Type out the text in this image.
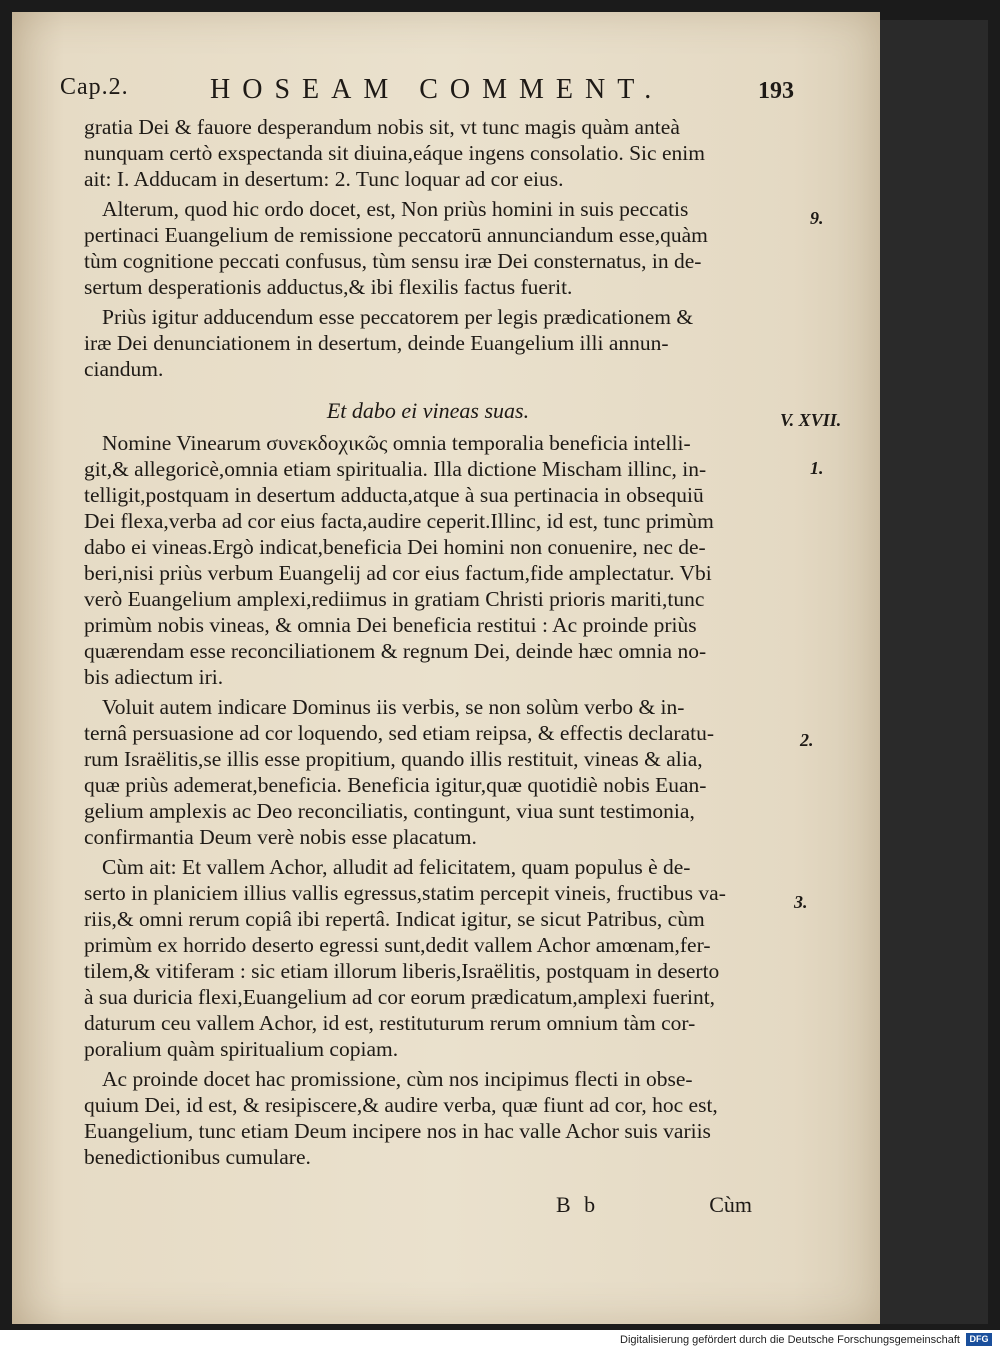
Cap.2.	HOSEAM COMMENT.	193

gratia Dei & fauore desperandum nobis sit, vt tunc magis quàm anteà
nunquam certò exspectanda sit diuina,eáque ingens consolatio. Sic enim
ait: I. Adducam in desertum: 2. Tunc loquar ad cor eius.

Alterum, quod hic ordo docet, est, Non priùs homini in suis peccatis
pertinaci Euangelium de remissione peccatorū annunciandum esse,quàm
tùm cognitione peccati confusus, tùm sensu iræ Dei consternatus, in de-
sertum desperationis adductus,& ibi flexilis factus fuerit.

Priùs igitur adducendum esse peccatorem per legis prædicationem &
iræ Dei denunciationem in desertum, deinde Euangelium illi annun-
ciandum.

Et dabo ei vineas suas.

Nomine Vinearum συνεκδοχικῶς omnia temporalia beneficia intelli-
git,& allegoricè,omnia etiam spiritualia. Illa dictione Mischam illinc, in-
telligit,postquam in desertum adducta,atque à sua pertinacia in obsequiū
Dei flexa,verba ad cor eius facta,audire ceperit.Illinc, id est, tunc primùm
dabo ei vineas.Ergò indicat,beneficia Dei homini non conuenire, nec de-
beri,nisi priùs verbum Euangelij ad cor eius factum,fide amplectatur. Vbi
verò Euangelium amplexi,rediimus in gratiam Christi prioris mariti,tunc
primùm nobis vineas, & omnia Dei beneficia restitui : Ac proinde priùs
quærendam esse reconciliationem & regnum Dei, deinde hæc omnia no-
bis adiectum iri.

Voluit autem indicare Dominus iis verbis, se non solùm verbo & in-
ternâ persuasione ad cor loquendo, sed etiam reipsa, & effectis declaratu-
rum Israëlitis,se illis esse propitium, quando illis restituit, vineas & alia,
quæ priùs ademerat,beneficia. Beneficia igitur,quæ quotidiè nobis Euan-
gelium amplexis ac Deo reconciliatis, contingunt, viua sunt testimonia,
confirmantia Deum verè nobis esse placatum.

Cùm ait: Et vallem Achor, alludit ad felicitatem, quam populus è de-
serto in planiciem illius vallis egressus,statim percepit vineis, fructibus va-
riis,& omni rerum copiâ ibi repertâ. Indicat igitur, se sicut Patribus, cùm
primùm ex horrido deserto egressi sunt,dedit vallem Achor amœnam,fer-
tilem,& vitiferam : sic etiam illorum liberis,Israëlitis, postquam in deserto
à sua duricia flexi,Euangelium ad cor eorum prædicatum,amplexi fuerint,
daturum ceu vallem Achor, id est, restituturum rerum omnium tàm cor-
poralium quàm spiritualium copiam.

Ac proinde docet hac promissione, cùm nos incipimus flecti in obse-
quium Dei, id est, & resipiscere,& audire verba, quæ fiunt ad cor, hoc est,
Euangelium, tunc etiam Deum incipere nos in hac valle Achor suis variis
benedictionibus cumulare.

9.
V. XVII.
1.
2.
3.
B b	Cùm
Digitalisierung gefördert durch die Deutsche Forschungsgemeinschaft	DFG
